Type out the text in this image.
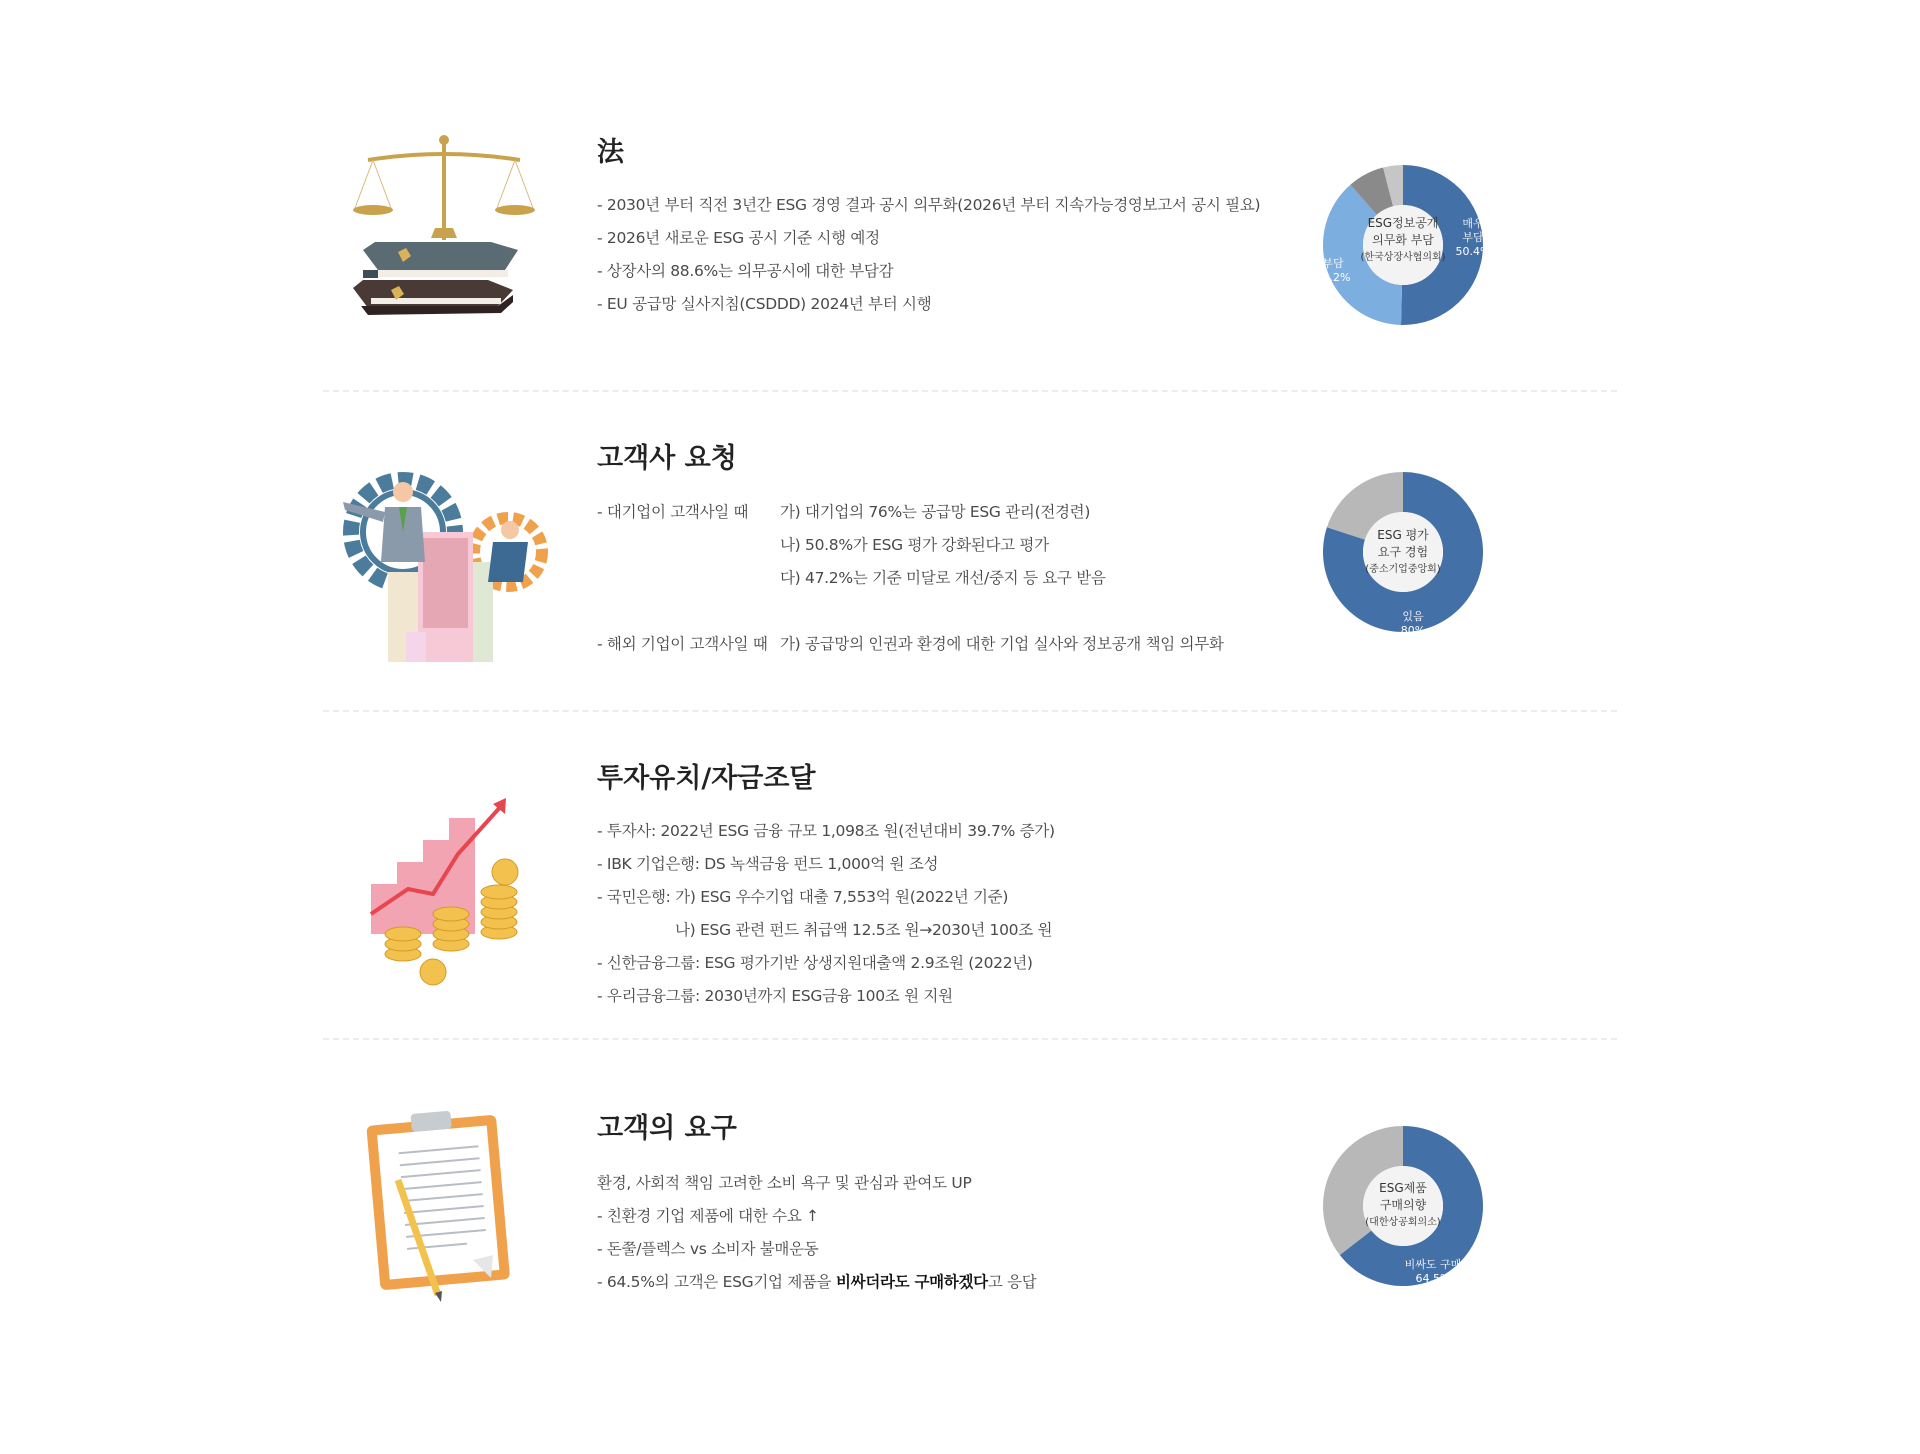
法
- 2030년 부터 직전 3년간 ESG 경영 결과 공시 의무화(2026년 부터 지속가능경영보고서 공시 필요)
- 2026년 새로운 ESG 공시 기준 시행 예정
- 상장사의 88.6%는 의무공시에 대한 부담감
- EU 공급망 실사지침(CSDDD) 2024년 부터 시행
ESG정보공개
의무화 부담
(한국상장사협의회)
매우
부담
50.4%
부담
38.2%
고객사 요청
- 대기업이 고객사일 때 가) 대기업의 76%는 공급망 ESG 관리(전경련)
나) 50.8%가 ESG 평가 강화된다고 평가
다) 47.2%는 기준 미달로 개선/중지 등 요구 받음
- 해외 기업이 고객사일 때 가) 공급망의 인권과 환경에 대한 기업 실사와 정보공개 책임 의무화
ESG 평가
요구 경험
(중소기업중앙회)
있음
80%
투자유치/자금조달
- 투자사: 2022년 ESG 금융 규모 1,098조 원(전년대비 39.7% 증가)
- IBK 기업은행: DS 녹색금융 펀드 1,000억 원 조성
- 국민은행: 가) ESG 우수기업 대출 7,553억 원(2022년 기준)
나) ESG 관련 펀드 취급액 12.5조 원→2030년 100조 원
- 신한금융그룹: ESG 평가기반 상생지원대출액 2.9조원 (2022년)
- 우리금융그룹: 2030년까지 ESG금융 100조 원 지원
고객의 요구
환경, 사회적 책임 고려한 소비 욕구 및 관심과 관여도 UP
- 친환경 기업 제품에 대한 수요 ↑
- 돈쭐/플렉스 vs 소비자 불매운동
- 64.5%의 고객은 ESG기업 제품을 비싸더라도 구매하겠다고 응답
ESG제품
구매의향
(대한상공회의소)
비싸도 구매
64.5%
